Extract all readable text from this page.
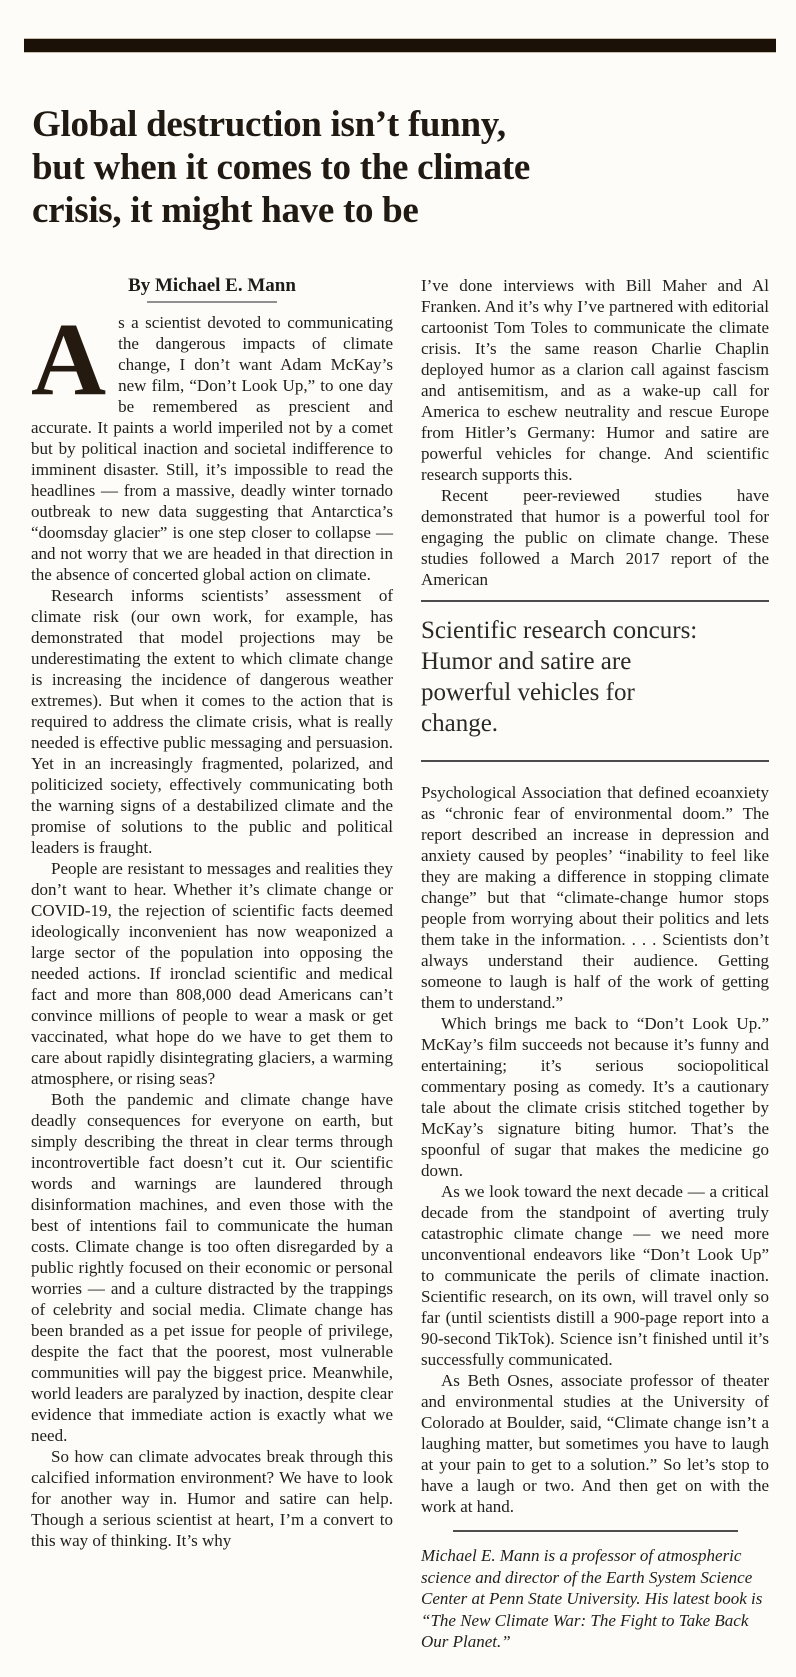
Global destruction isn’t funny,
but when it comes to the climate
crisis, it might have to be
By Michael E. Mann

As a scientist devoted to communicating the dangerous impacts of climate change, I don’t want Adam McKay’s new film, “Don’t Look Up,” to one day be remembered as prescient and accurate. It paints a world imperiled not by a comet but by political inaction and societal indifference to imminent disaster. Still, it’s impossible to read the headlines — from a massive, deadly winter tornado outbreak to new data suggesting that Antarctica’s “doomsday glacier” is one step closer to collapse — and not worry that we are headed in that direction in the absence of concerted global action on climate.

Research informs scientists’ assessment of climate risk (our own work, for example, has demonstrated that model projections may be underestimating the extent to which climate change is increasing the incidence of dangerous weather extremes). But when it comes to the action that is required to address the climate crisis, what is really needed is effective public messaging and persuasion. Yet in an increasingly fragmented, polarized, and politicized society, effectively communicating both the warning signs of a destabilized climate and the promise of solutions to the public and political leaders is fraught.

People are resistant to messages and realities they don’t want to hear. Whether it’s climate change or COVID-19, the rejection of scientific facts deemed ideologically inconvenient has now weaponized a large sector of the population into opposing the needed actions. If ironclad scientific and medical fact and more than 808,000 dead Americans can’t convince millions of people to wear a mask or get vaccinated, what hope do we have to get them to care about rapidly disintegrating glaciers, a warming atmosphere, or rising seas?

Both the pandemic and climate change have deadly consequences for everyone on earth, but simply describing the threat in clear terms through incontrovertible fact doesn’t cut it. Our scientific words and warnings are laundered through disinformation machines, and even those with the best of intentions fail to communicate the human costs. Climate change is too often disregarded by a public rightly focused on their economic or personal worries — and a culture distracted by the trappings of celebrity and social media. Climate change has been branded as a pet issue for people of privilege, despite the fact that the poorest, most vulnerable communities will pay the biggest price. Meanwhile, world leaders are paralyzed by inaction, despite clear evidence that immediate action is exactly what we need.

So how can climate advocates break through this calcified information environment? We have to look for another way in. Humor and satire can help. Though a serious scientist at heart, I’m a convert to this way of thinking. It’s why

I’ve done interviews with Bill Maher and Al Franken. And it’s why I’ve partnered with editorial cartoonist Tom Toles to communicate the climate crisis. It’s the same reason Charlie Chaplin deployed humor as a clarion call against fascism and antisemitism, and as a wake-up call for America to eschew neutrality and rescue Europe from Hitler’s Germany: Humor and satire are powerful vehicles for change. And scientific research supports this.

Recent peer-reviewed studies have demonstrated that humor is a powerful tool for engaging the public on climate change. These studies followed a March 2017 report of the American

Scientific research concurs:
Humor and satire are
powerful vehicles for
change.

Psychological Association that defined ecoanxiety as “chronic fear of environmental doom.” The report described an increase in depression and anxiety caused by peoples’ “inability to feel like they are making a difference in stopping climate change” but that “climate-change humor stops people from worrying about their politics and lets them take in the information. . . . Scientists don’t always understand their audience. Getting someone to laugh is half of the work of getting them to understand.”

Which brings me back to “Don’t Look Up.” McKay’s film succeeds not because it’s funny and entertaining; it’s serious sociopolitical commentary posing as comedy. It’s a cautionary tale about the climate crisis stitched together by McKay’s signature biting humor. That’s the spoonful of sugar that makes the medicine go down.

As we look toward the next decade — a critical decade from the standpoint of averting truly catastrophic climate change — we need more unconventional endeavors like “Don’t Look Up” to communicate the perils of climate inaction. Scientific research, on its own, will travel only so far (until scientists distill a 900-page report into a 90-second TikTok). Science isn’t finished until it’s successfully communicated.

As Beth Osnes, associate professor of theater and environmental studies at the University of Colorado at Boulder, said, “Climate change isn’t a laughing matter, but sometimes you have to laugh at your pain to get to a solution.” So let’s stop to have a laugh or two. And then get on with the work at hand.

Michael E. Mann is a professor of atmospheric science and director of the Earth System Science Center at Penn State University. His latest book is “The New Climate War: The Fight to Take Back Our Planet.”
